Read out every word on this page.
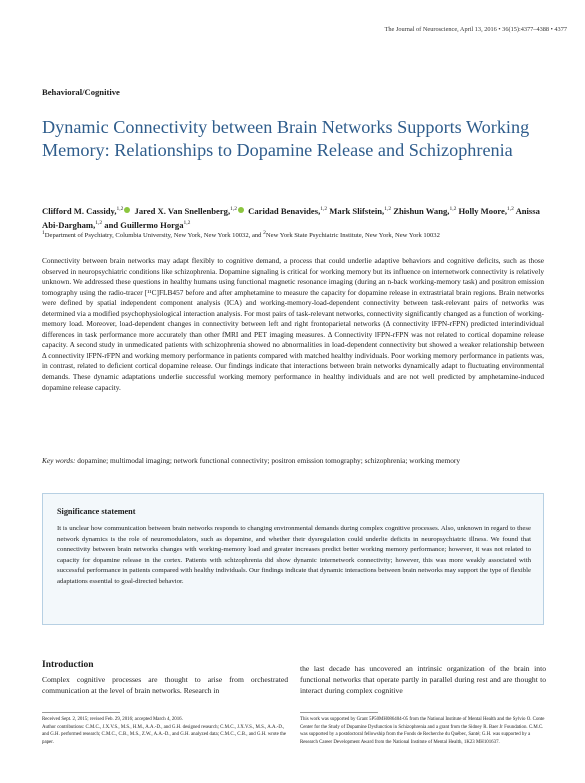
The Journal of Neuroscience, April 13, 2016 • 36(15):4377–4388 • 4377
Behavioral/Cognitive
Dynamic Connectivity between Brain Networks Supports Working Memory: Relationships to Dopamine Release and Schizophrenia
Clifford M. Cassidy,$^{1,2}$ Jared X. Van Snellenberg,$^{1,2}$ Caridad Benavides,$^{1,2}$ Mark Slifstein,$^{1,2}$ Zhishun Wang,$^{1,2}$ Holly Moore,$^{1,2}$ Anissa Abi-Dargham,$^{1,2}$ and Guillermo Horga$^{1,2}$
$^1$Department of Psychiatry, Columbia University, New York, New York 10032, and $^2$New York State Psychiatric Institute, New York, New York 10032

Connectivity between brain networks may adapt flexibly to cognitive demand, a process that could underlie adaptive behaviors and cognitive deficits, such as those observed in neuropsychiatric conditions like schizophrenia. Dopamine signaling is critical for working memory but its influence on internetwork connectivity is relatively unknown. We addressed these questions in healthy humans using functional magnetic resonance imaging (during an n-back working-memory task) and positron emission tomography using the radio-tracer [¹¹C]FLB457 before and after amphetamine to measure the capacity for dopamine release in extrastriatal brain regions. Brain networks were defined by spatial independent component analysis (ICA) and working-memory-load-dependent connectivity between task-relevant pairs of networks was determined via a modified psychophysiological interaction analysis. For most pairs of task-relevant networks, connectivity significantly changed as a function of working-memory load. Moreover, load-dependent changes in connectivity between left and right frontoparietal networks (Δ connectivity lFPN-rFPN) predicted interindividual differences in task performance more accurately than other fMRI and PET imaging measures. Δ Connectivity lFPN-rFPN was not related to cortical dopamine release capacity. A second study in unmedicated patients with schizophrenia showed no abnormalities in load-dependent connectivity but showed a weaker relationship between Δ connectivity lFPN-rFPN and working memory performance in patients compared with matched healthy individuals. Poor working memory performance in patients was, in contrast, related to deficient cortical dopamine release. Our findings indicate that interactions between brain networks dynamically adapt to fluctuating environmental demands. These dynamic adaptations underlie successful working memory performance in healthy individuals and are not well predicted by amphetamine-induced dopamine release capacity.

Key words: dopamine; multimodal imaging; network functional connectivity; positron emission tomography; schizophrenia; working memory
Significance statement

It is unclear how communication between brain networks responds to changing environmental demands during complex cognitive processes. Also, unknown in regard to these network dynamics is the role of neuromodulators, such as dopamine, and whether their dysregulation could underlie deficits in neuropsychiatric illness. We found that connectivity between brain networks changes with working-memory load and greater increases predict better working memory performance; however, it was not related to capacity for dopamine release in the cortex. Patients with schizophrenia did show dynamic internetwork connectivity; however, this was more weakly associated with successful performance in patients compared with healthy individuals. Our findings indicate that dynamic interactions between brain networks may support the type of flexible adaptations essential to goal-directed behavior.

Introduction

Complex cognitive processes are thought to arise from orchestrated communication at the level of brain networks. Research in

the last decade has uncovered an intrinsic organization of the brain into functional networks that operate partly in parallel during rest and are thought to interact during complex cognitive

Received Sept. 2, 2015; revised Feb. 29, 2016; accepted March 4, 2016.

Author contributions: C.M.C., J.X.V.S., M.S., H.M., A.A.-D., and G.H. designed research; C.M.C., J.X.V.S., M.S., A.A.-D., and G.H. performed research; C.M.C., C.B., M.S., Z.W., A.A.-D., and G.H. analyzed data; C.M.C., C.B., and G.H. wrote the paper.

This work was supported by Grant 5P50MH086404-05 from the National Institute of Mental Health and the Sylvio O. Conte Center for the Study of Dopamine Dysfunction in Schizophrenia and a grant from the Sidney R. Baer Jr Foundation. C.M.C. was supported by a postdoctoral fellowship from the Fonds de Recherche du Québec, Santé; G.H. was supported by a Research Career Development Award from the National Institute of Mental Health, 1K23 MH101637.
